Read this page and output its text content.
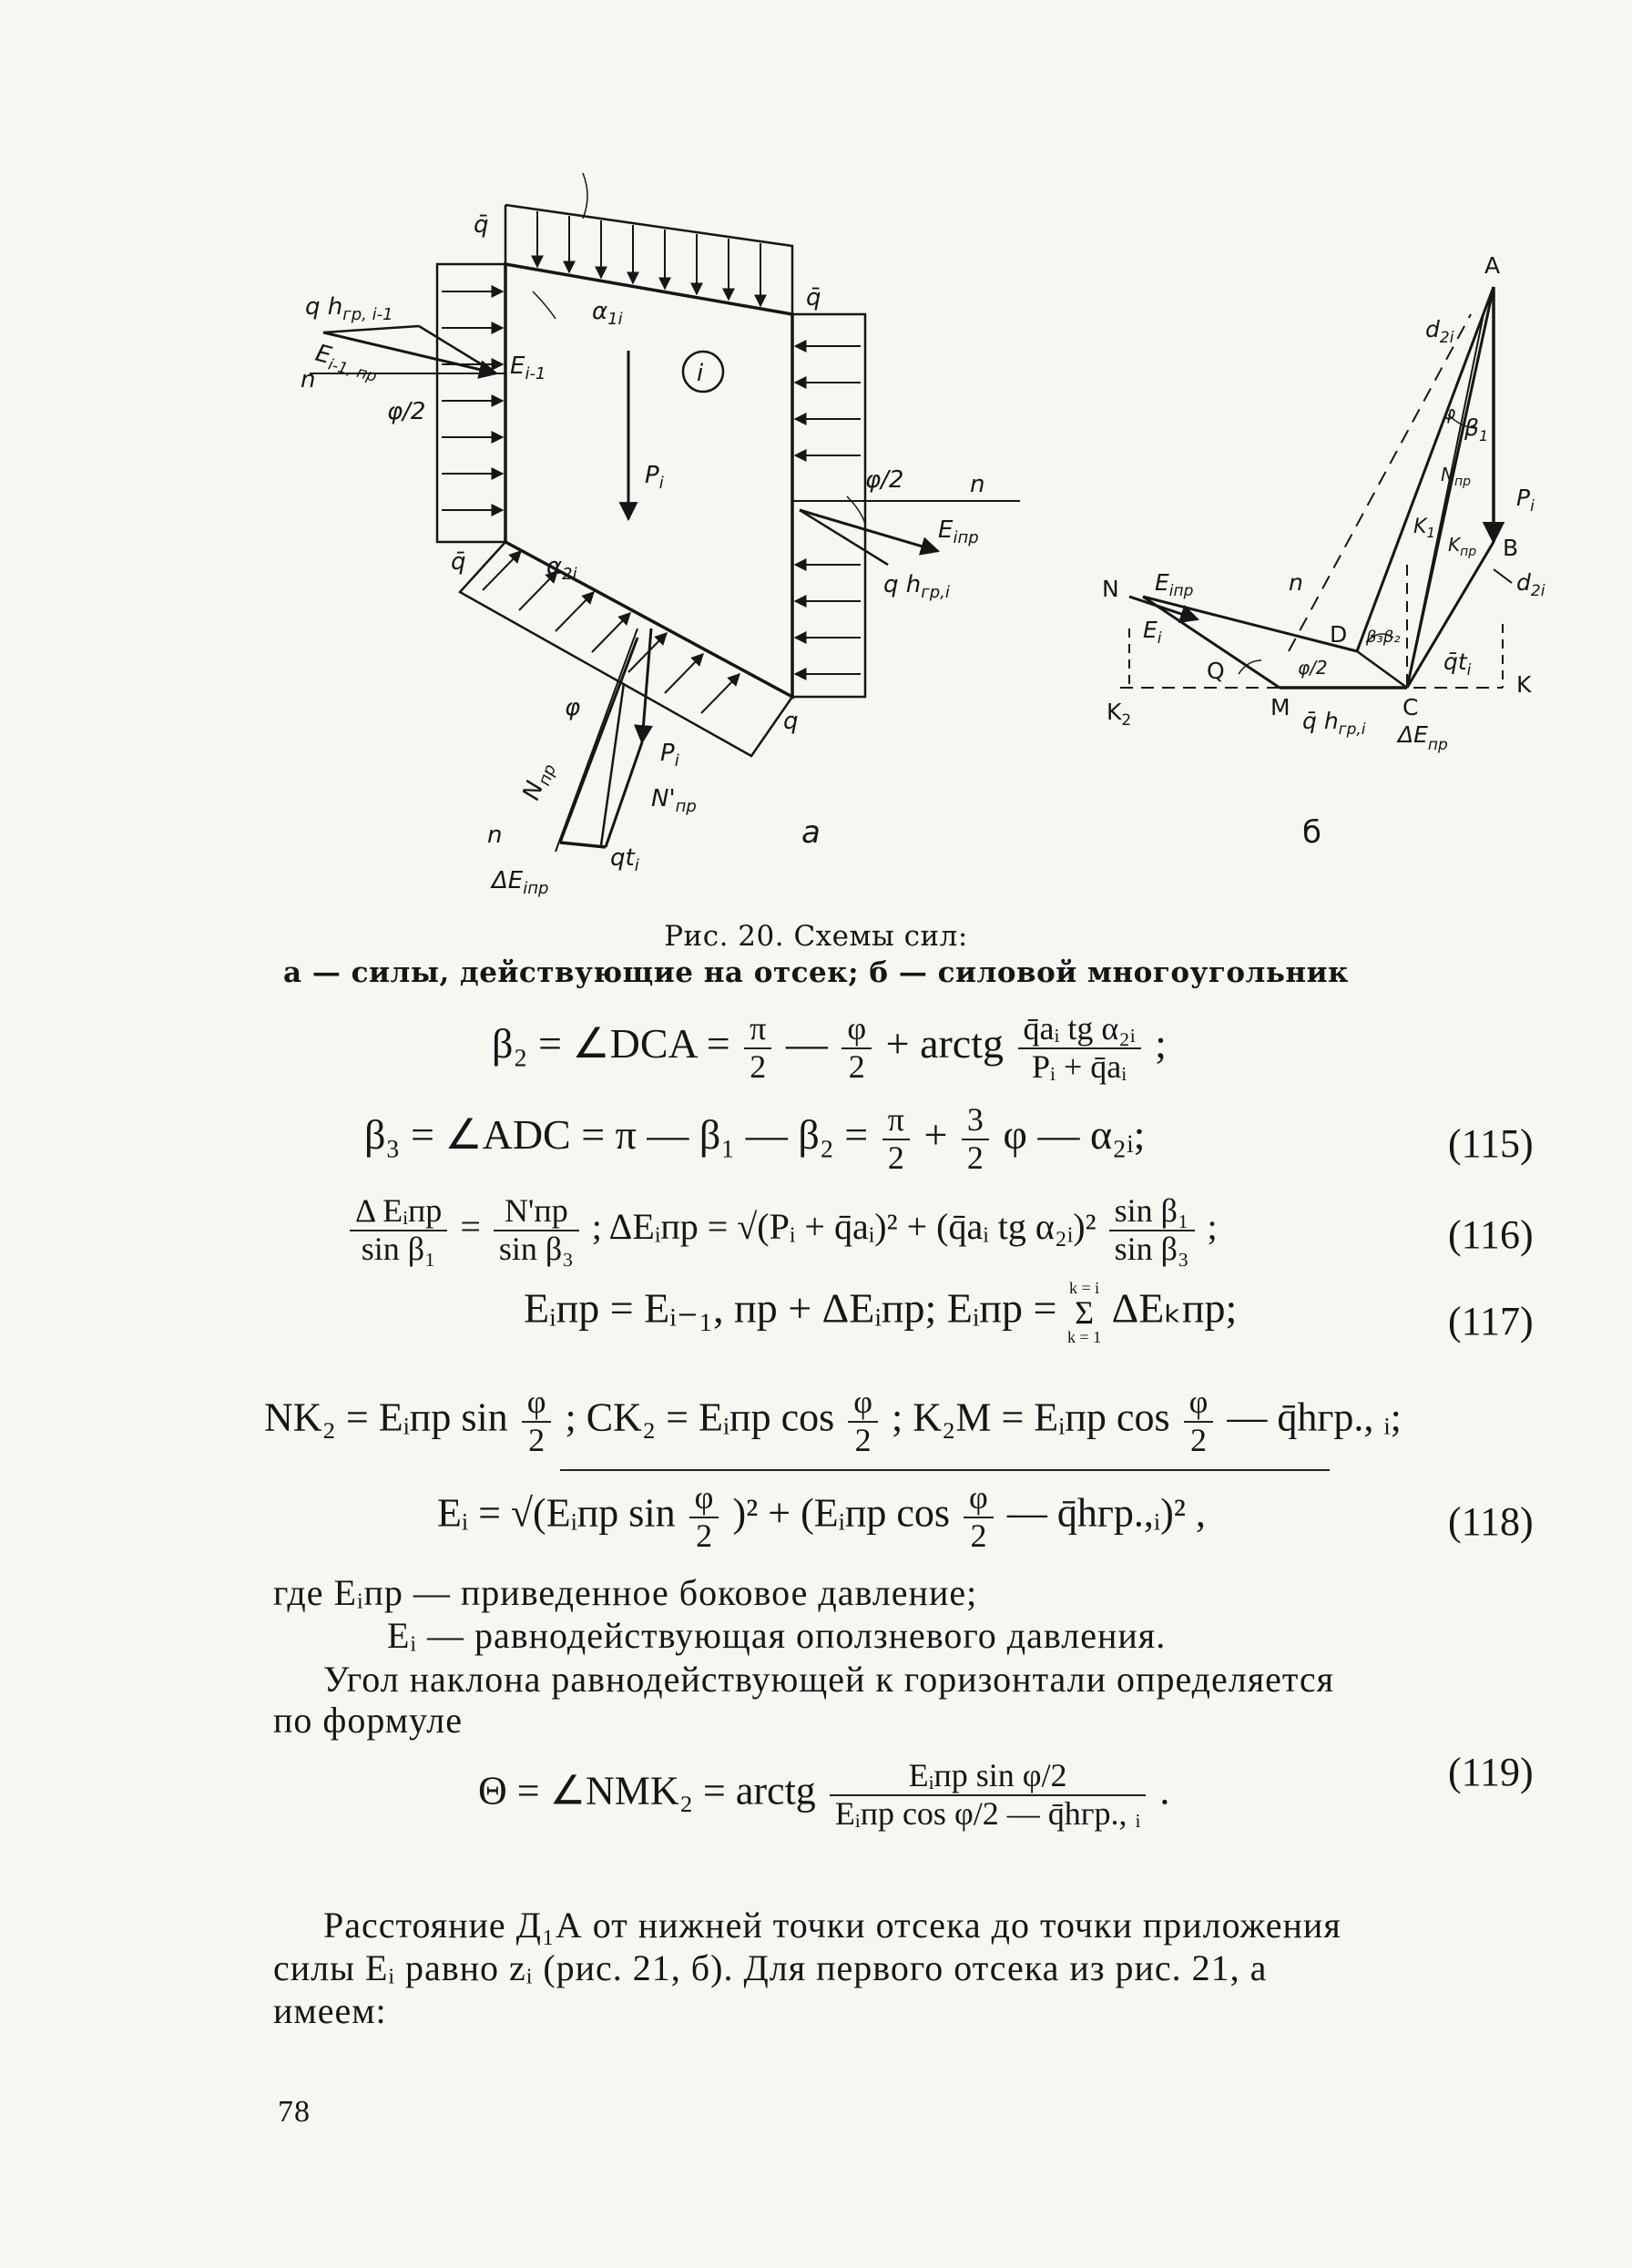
q̄
q̄
q̄
q
q $h_{гр, i-1}$
$E_{i-1, пр}$
n
φ/2
$E_{i-1}$
$\alpha_{1i}$
i
$P_i$	φ/2	n
$E_{iпр}$
q $h_{гр,i}$
$\alpha_{2i}$
φ
$P_i$
$N_{пр}$
$N'_{пр}$
n
$qt_i$
$\Delta E_{iпр}$
а
A
$d_{2i}$
$\beta_1$
φ
$N_{пр}$
$K_1$
$K_{пр}$
$P_i$
B
$d_{2i}$
N $E_{iпр}$
$E_i$
n
D β₃β₂
Q	φ/2	$q̄t_i$
$K_2$	M	C
K
q̄ $h_{гр,i}$ $\Delta E_{пр}$
б
Рис. 20. Схемы сил:
а — силы, действующие на отсек; б — силовой многоугольник
β₂ = ∠DCA = $\frac{\pi}{2}$ — $\frac{\varphi}{2}$ + arctg $\frac{\text{q̄aᵢ tg α₂ᵢ}}{\text{Pᵢ + q̄aᵢ}}$ ;
β₃ = ∠ADC = π — β₁ — $\beta_2 = \frac{\pi}{2} + \frac{3}{2}$ φ — α₂ᵢ;	(115)
$\frac{\text{Δ Eᵢпр}}{\text{sin β₁}} = \frac{N'пр}{\text{sin β₃}}$ ; ΔEᵢпр = √(Pᵢ + q̄aᵢ)² + (q̄aᵢ tg α₂ᵢ)² $\frac{\text{sin β₁}}{\text{sin β₃}}$ ;	(116)
Eᵢпр = Eᵢ₋₁, пр + ΔEᵢпр; Eᵢпр = k = i
Σ
k = 1
ΔEₖпр;	(117)
NK₂ = Eᵢпр $\sin \frac{\varphi}{2}$ ; CK₂ = Eᵢпр $\cos \frac{\varphi}{2}$ ; K₂M = Eᵢпр $\cos \frac{\varphi}{2}$ — q̄hгр., ᵢ;
Eᵢ = √(Eᵢпр $\sin \frac{\varphi}{2} )^2$ + (Eᵢпр $\cos \frac{\varphi}{2}$ — q̄hгр.,ᵢ)² ,	(118)
где Eᵢпр — приведенное боковое давление;
Eᵢ — равнодействующая оползневого давления.
Угол наклона равнодействующей к горизонтали определяется
по формуле
Θ = ∠NMK₂ = arctg $\frac{\text{Eᵢпр sin φ/2}}{\text{Eᵢпр cos φ/2 — q̄hгр., ᵢ}}$ .	(119)
Расстояние Д₁А от нижней точки отсека до точки приложения
силы Eᵢ равно zᵢ (рис. 21, б). Для первого отсека из рис. 21, а
имеем:
78
